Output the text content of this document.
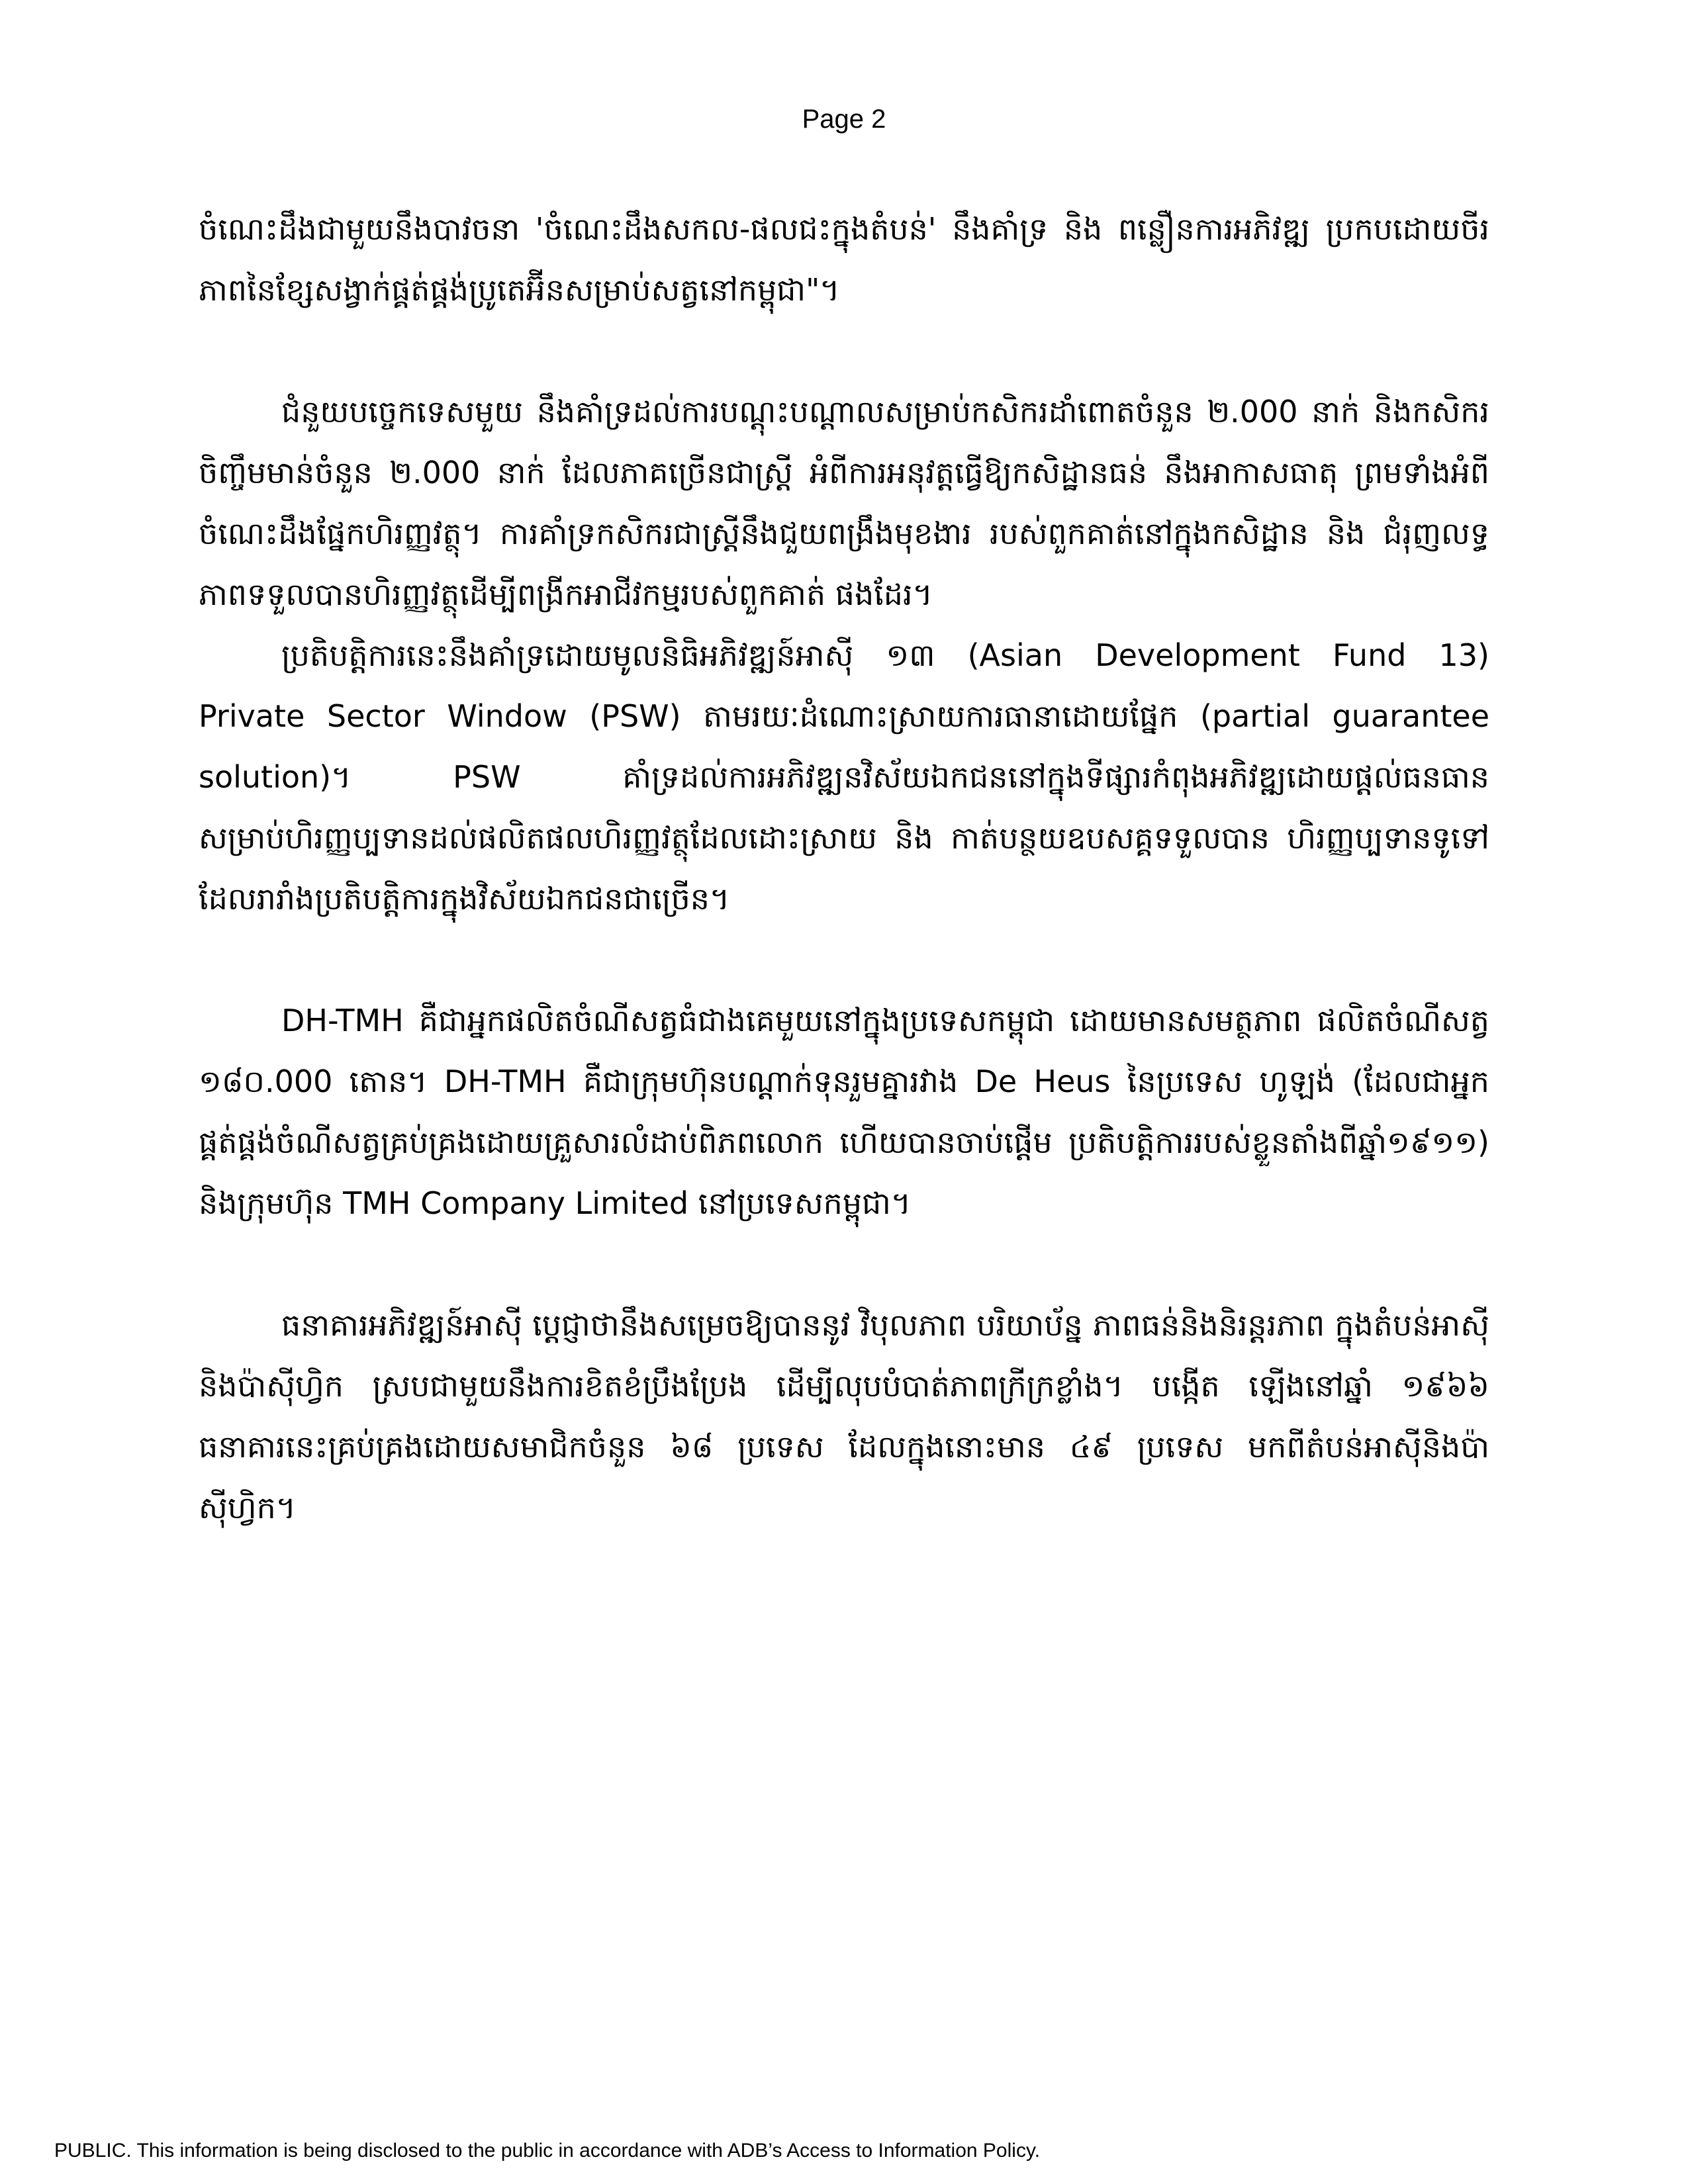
Page 2

ចំណេះដឹងជាមួយនឹងបាវចនា 'ចំណេះដឹងសកល-ផលជះក្នុងតំបន់' នឹងគាំទ្រ និង ពន្លឿនការអភិវឌ្ឍ ប្រកបដោយចីរភាពនៃខ្សែសង្វាក់ផ្គត់ផ្គង់ប្រូតេអ៊ីនសម្រាប់សត្វនៅកម្ពុជា"។

ជំនួយបច្ចេកទេសមួយ នឹងគាំទ្រដល់ការបណ្តុះបណ្តាលសម្រាប់កសិករដាំពោតចំនួន ២.000 នាក់ និងកសិករចិញ្ចឹមមាន់ចំនួន ២.000 នាក់ ដែលភាគច្រើនជាស្ត្រី អំពីការអនុវត្តធ្វើឱ្យកសិដ្ឋានធន់ នឹងអាកាសធាតុ ព្រមទាំងអំពីចំណេះដឹងផ្នែកហិរញ្ញវត្ថុ។ ការគាំទ្រកសិករជាស្ត្រីនឹងជួយពង្រឹងមុខងារ របស់ពួកគាត់នៅក្នុងកសិដ្ឋាន និង ជំរុញលទ្ធភាពទទួលបានហិរញ្ញវត្ថុដើម្បីពង្រីកអាជីវកម្មរបស់ពួកគាត់ ផងដែរ។

ប្រតិបត្តិការនេះនឹងគាំទ្រដោយមូលនិធិអភិវឌ្ឍន៍អាស៊ី ១៣ (Asian Development Fund 13) Private Sector Window (PSW) តាមរយៈដំណោះស្រាយការធានាដោយផ្នែក (partial guarantee solution)។ PSW គាំទ្រដល់ការអភិវឌ្ឍនវិស័យឯកជននៅក្នុងទីផ្សារកំពុងអភិវឌ្ឍដោយផ្តល់ធនធាន សម្រាប់ហិរញ្ញប្បទានដល់ផលិតផលហិរញ្ញវត្ថុដែលដោះស្រាយ និង កាត់បន្ថយឧបសគ្គទទួលបាន ហិរញ្ញប្បទានទូទៅដែលរារាំងប្រតិបត្តិការក្នុងវិស័យឯកជនជាច្រើន។

DH-TMH គឺជាអ្នកផលិតចំណីសត្វធំជាងគេមួយនៅក្នុងប្រទេសកម្ពុជា ដោយមានសមត្ថភាព ផលិតចំណីសត្វ ១៨០.000 តោន។ DH-TMH គឺជាក្រុមហ៊ុនបណ្តាក់ទុនរួមគ្នារវាង De Heus នៃប្រទេស ហូឡង់ (ដែលជាអ្នកផ្គត់ផ្គង់ចំណីសត្វគ្រប់គ្រងដោយគ្រួសារលំដាប់ពិភពលោក ហើយបានចាប់ផ្តើម ប្រតិបត្តិការរបស់ខ្លួនតាំងពីឆ្នាំ១៩១១) និងក្រុមហ៊ុន TMH Company Limited នៅប្រទេសកម្ពុជា។

ធនាគារអភិវឌ្ឍន៍អាស៊ី ប្តេជ្ញាថានឹងសម្រេចឱ្យបាននូវ វិបុលភាព បរិយាប័ន្ន ភាពធន់និងនិរន្តរភាព ក្នុងតំបន់អាស៊ីនិងប៉ាស៊ីហ្វិក ស្របជាមួយនឹងការខិតខំប្រឹងប្រែង ដើម្បីលុបបំបាត់ភាពក្រីក្រខ្លាំង។ បង្កើត ឡើងនៅឆ្នាំ ១៩៦៦ ធនាគារនេះគ្រប់គ្រងដោយសមាជិកចំនួន ៦៨ ប្រទេស ដែលក្នុងនោះមាន ៤៩ ប្រទេស មកពីតំបន់អាស៊ីនិងប៉ាស៊ីហ្វិក។

PUBLIC. This information is being disclosed to the public in accordance with ADB’s Access to Information Policy.
